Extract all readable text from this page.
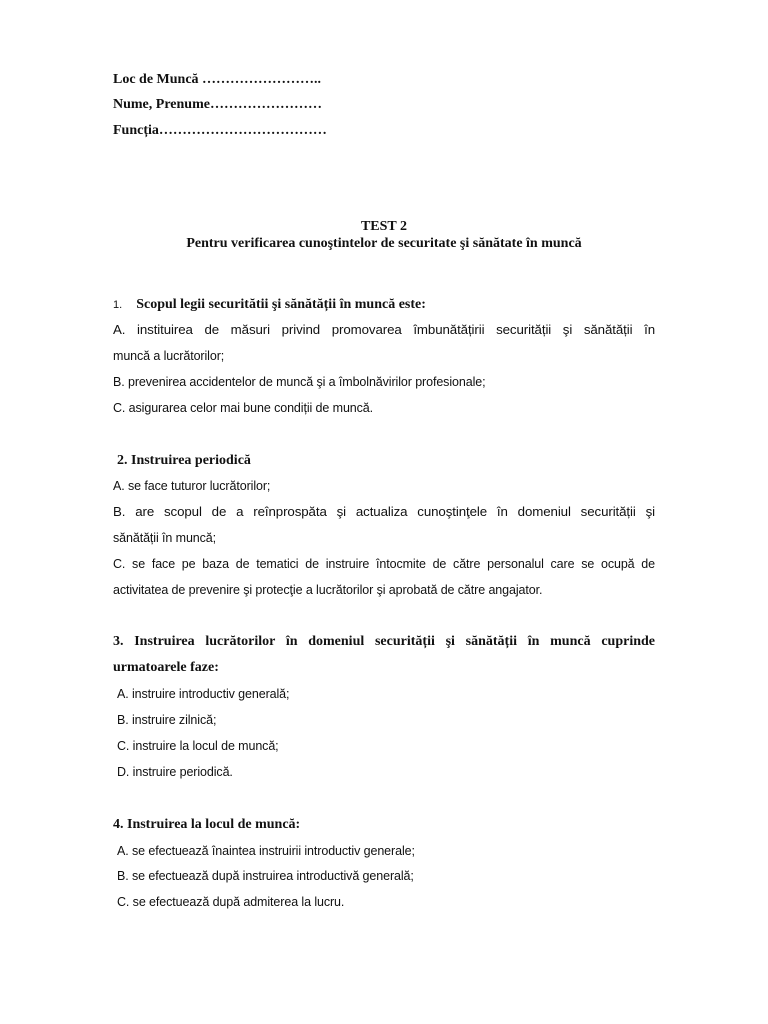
Loc de Muncă ……………………..
Nume, Prenume……………………
Funcția………………………………
TEST 2
Pentru verificarea cunoştintelor de securitate şi sănătate în muncă
1. Scopul legii securitătii şi sănătății în muncă este:
A. instituirea de măsuri privind promovarea îmbunătățirii securității şi sănătății în
muncă a lucrătorilor;
B. prevenirea accidentelor de muncă şi a îmbolnăvirilor profesionale;
C. asigurarea celor mai bune condiții de muncă.
2. Instruirea periodică
A. se face tuturor lucrătorilor;
B. are scopul de a reînprospăta şi actualiza cunoştinţele în domeniul securității şi
sănătății în muncă;
C. se face pe baza de tematici de instruire întocmite de către personalul care se ocupă de
activitatea de prevenire şi protecţie a lucrătorilor şi aprobată de către angajator.
3. Instruirea lucrătorilor în domeniul securității şi sănătății în muncă cuprinde
urmatoarele faze:
A. instruire introductiv generală;
B. instruire zilnică;
C. instruire la locul de muncă;
D. instruire periodică.
4. Instruirea la locul de muncă:
A. se efectuează înaintea instruirii introductiv generale;
B. se efectuează după instruirea introductivă generală;
C. se efectuează după admiterea la lucru.
